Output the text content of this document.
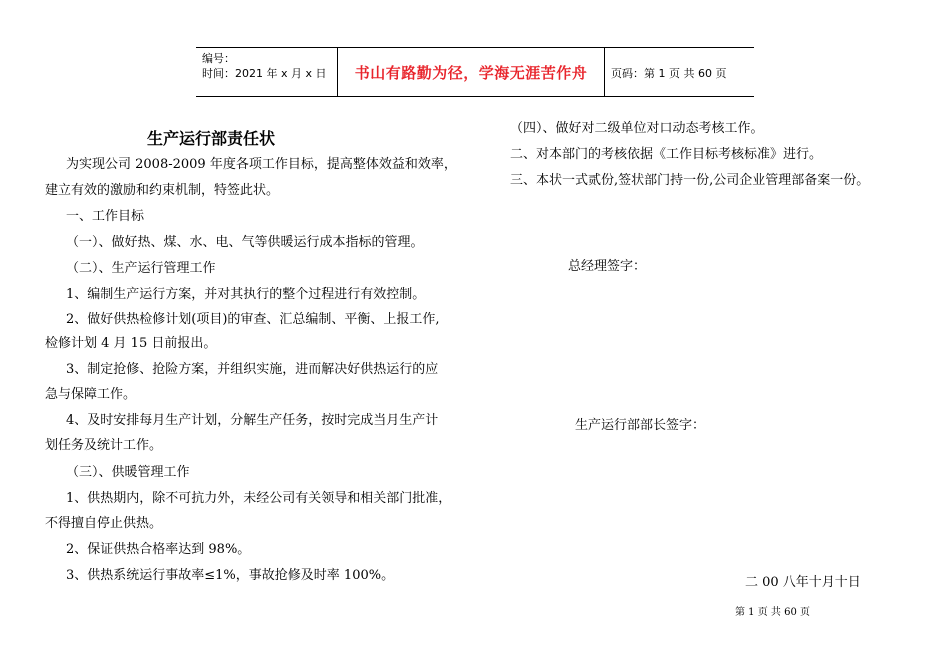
编号：
时间：2021 年 x 月 x 日	书山有路勤为径，学海无涯苦作舟	页码：第 1 页 共 60 页
生产运行部责任状
为实现公司 2008-2009 年度各项工作目标，提高整体效益和效率，
建立有效的激励和约束机制，特签此状。
一、工作目标
（一）、做好热、煤、水、电、气等供暖运行成本指标的管理。
（二）、生产运行管理工作
1、编制生产运行方案，并对其执行的整个过程进行有效控制。
2、做好供热检修计划(项目)的审查、汇总编制、平衡、上报工作,
检修计划 4 月 15 日前报出。
3、制定抢修、抢险方案，并组织实施，进而解决好供热运行的应
急与保障工作。
4、及时安排每月生产计划，分解生产任务，按时完成当月生产计
划任务及统计工作。
（三）、供暖管理工作
1、供热期内，除不可抗力外，未经公司有关领导和相关部门批准，
不得擅自停止供热。
2、保证供热合格率达到 98%。
3、供热系统运行事故率≤1%，事故抢修及时率 100%。
（四）、做好对二级单位对口动态考核工作。
二、对本部门的考核依据《工作目标考核标准》进行。
三、本状一式贰份,签状部门持一份,公司企业管理部备案一份。
总经理签字：
生产运行部部长签字：
二 00 八年十月十日
第 1 页 共 60 页
